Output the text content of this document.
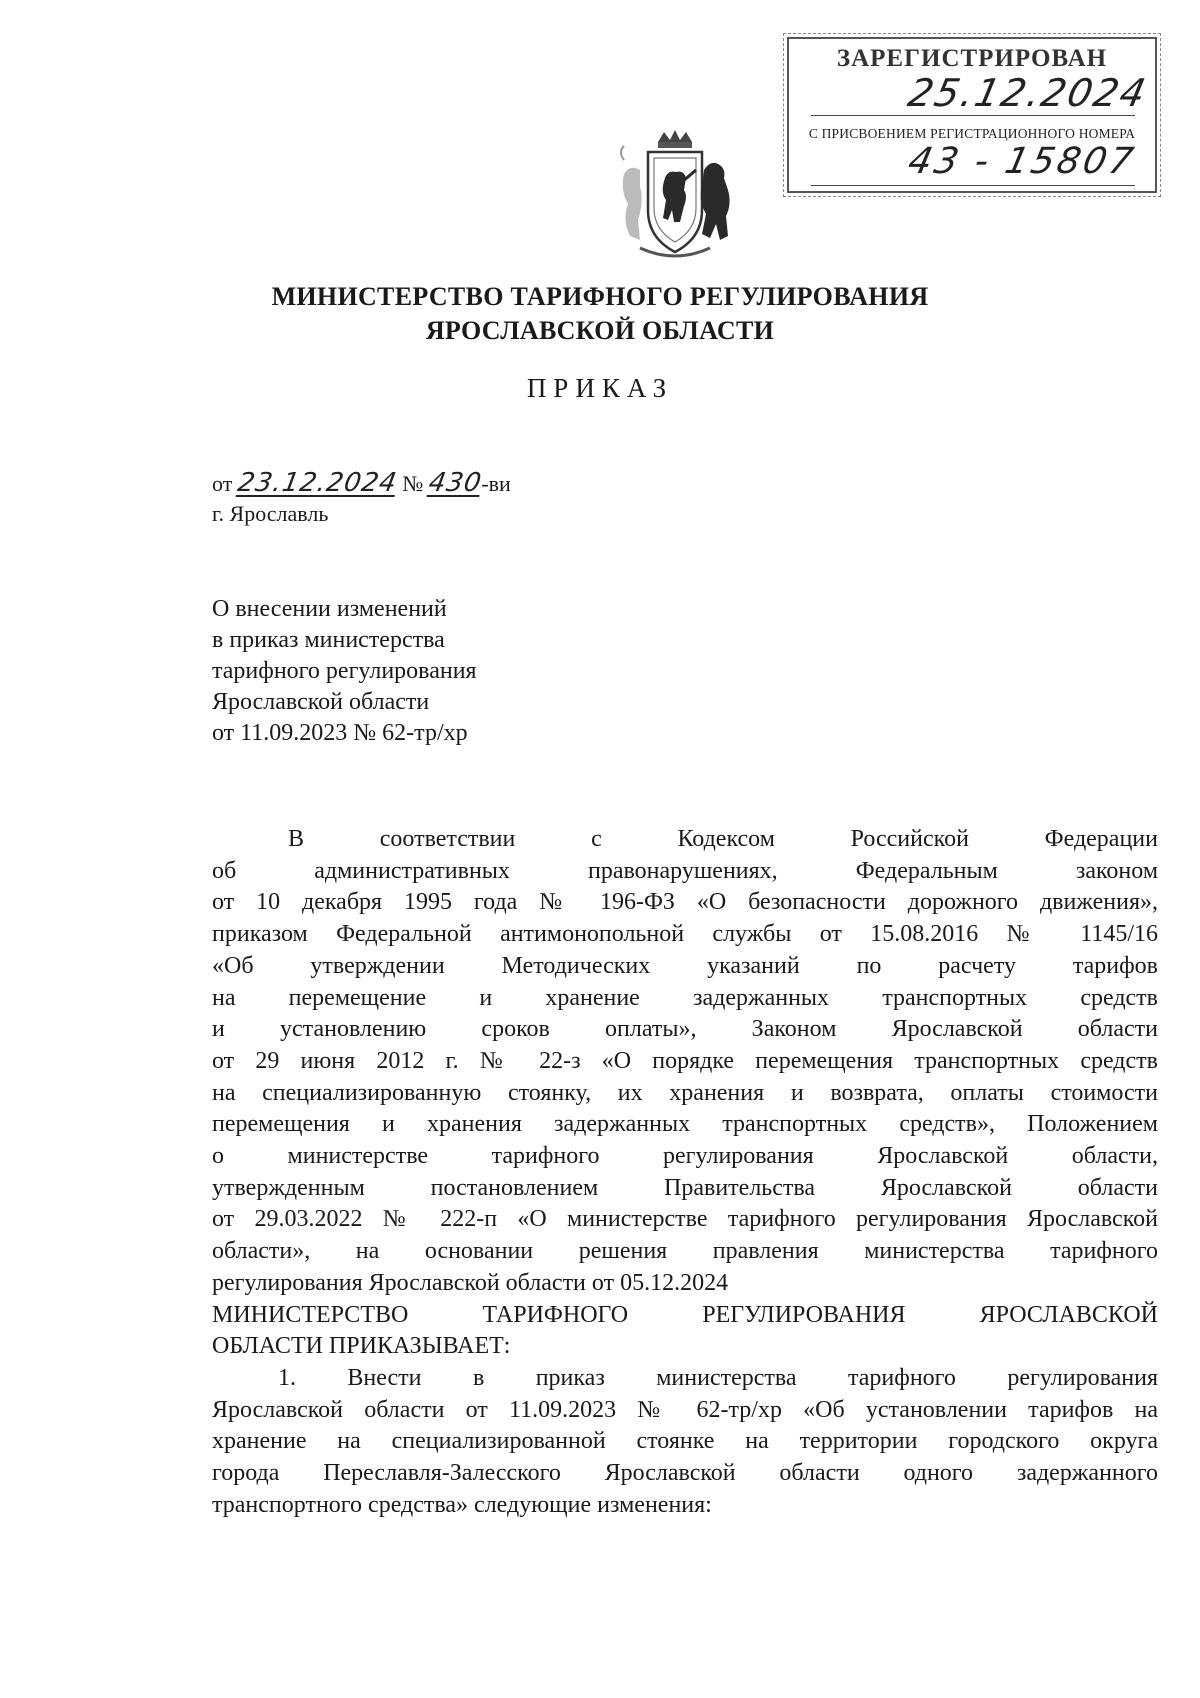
ЗАРЕГИСТРИРОВАН
25.12.2024
С ПРИСВОЕНИЕМ РЕГИСТРАЦИОННОГО НОМЕРА
43 - 15807
МИНИСТЕРСТВО ТАРИФНОГО РЕГУЛИРОВАНИЯ
ЯРОСЛАВСКОЙ ОБЛАСТИ
ПРИКАЗ
от 23.12.2024 № 430-ви
г. Ярославль
О внесении изменений
в приказ министерства
тарифного регулирования
Ярославской области
от 11.09.2023 № 62-тр/хр
В соответствии с Кодексом Российской Федерации
об административных правонарушениях, Федеральным законом
от 10 декабря 1995 года № 196-ФЗ «О безопасности дорожного движения»,
приказом Федеральной антимонопольной службы от 15.08.2016 № 1145/16
«Об утверждении Методических указаний по расчету тарифов
на перемещение и хранение задержанных транспортных средств
и установлению сроков оплаты», Законом Ярославской области
от 29 июня 2012 г. № 22-з «О порядке перемещения транспортных средств
на специализированную стоянку, их хранения и возврата, оплаты стоимости
перемещения и хранения задержанных транспортных средств», Положением
о министерстве тарифного регулирования Ярославской области,
утвержденным постановлением Правительства Ярославской области
от 29.03.2022 № 222-п «О министерстве тарифного регулирования Ярославской
области», на основании решения правления министерства тарифного
регулирования Ярославской области от 05.12.2024
МИНИСТЕРСТВО ТАРИФНОГО РЕГУЛИРОВАНИЯ ЯРОСЛАВСКОЙ
ОБЛАСТИ ПРИКАЗЫВАЕТ:
1. Внести в приказ министерства тарифного регулирования
Ярославской области от 11.09.2023 № 62-тр/хр «Об установлении тарифов на
хранение на специализированной стоянке на территории городского округа
города Переславля-Залесского Ярославской области одного задержанного
транспортного средства» следующие изменения:
